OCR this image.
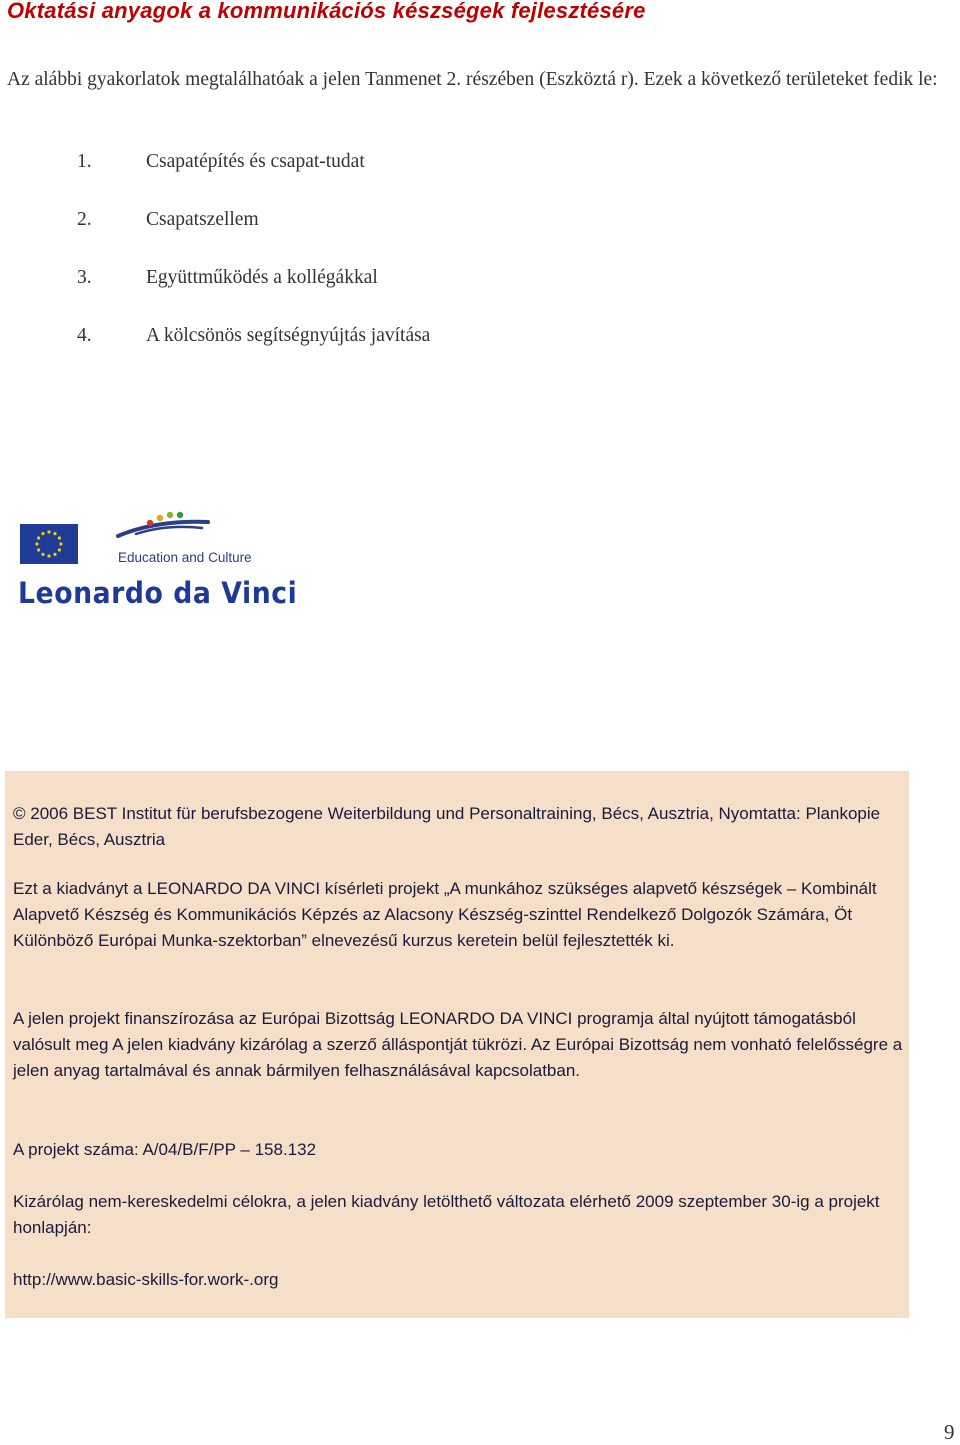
Oktatási anyagok a kommunikációs készségek fejlesztésére

Az alábbi gyakorlatok megtalálhatóak a jelen Tanmenet 2. részében (Eszköztá r). Ezek a következő területeket fedik le:

1.	Csapatépítés és csapat-tudat
2.	Csapatszellem
3.	Együttműködés a kollégákkal
4.	A kölcsönös segítségnyújtás javítása
Education and Culture
Leonardo da Vinci

© 2006 BEST Institut für berufsbezogene Weiterbildung und Personaltraining, Bécs, Ausztria, Nyomtatta: Plankopie Eder, Bécs, Ausztria

Ezt a kiadványt a LEONARDO DA VINCI kísérleti projekt „A munkához szükséges alapvető készségek – Kombinált Alapvető Készség és Kommunikációs Képzés az Alacsony Készség-szinttel Rendelkező Dolgozók Számára, Öt Különböző Európai Munka-szektorban” elnevezésű kurzus keretein belül fejlesztették ki.

A jelen projekt finanszírozása az Európai Bizottság LEONARDO DA VINCI programja által nyújtott támogatásból valósult meg A jelen kiadvány kizárólag a szerző álláspontját tükrözi. Az Európai Bizottság nem vonható felelősségre a jelen anyag tartalmával és annak bármilyen felhasználásával kapcsolatban.

A projekt száma: A/04/B/F/PP – 158.132

Kizárólag nem-kereskedelmi célokra, a jelen kiadvány letölthető változata elérhető 2009 szeptember 30-ig a projekt honlapján:

http://www.basic-skills-for.work-.org

9
